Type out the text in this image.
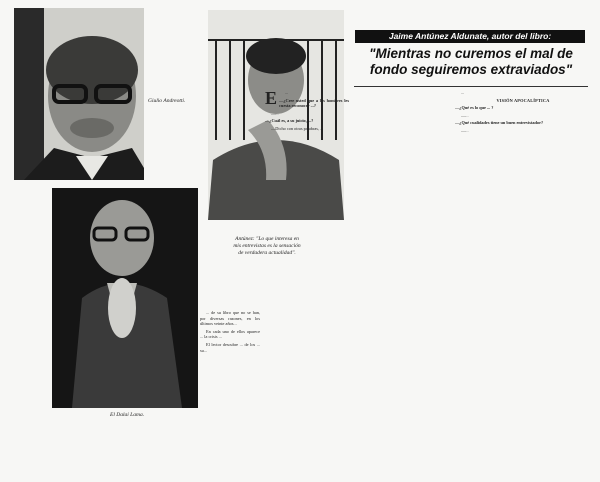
Giulio Andreotti.
El Dalai Lama.
Antúnez: "Lo que interesa en mis entrevistas es la sensación de verdadera actualidad".
Jaime Antúnez Aldunate, autor del libro:
"Mientras no curemos el mal de fondo seguiremos extraviados"

... de su libro que no se han, por diversas razones, en los últimos veinte años...

En cada uno de ellos aparece ... la crisis ...

El lector descubre ... de los ... su...

E	...

—¿Cree usted que a los hombres les cuesta reconocer ...?

—...

—¿Cuál es, a su juicio, ...?

—Dicho con otras palabras, ...

...

VISIÓN APOCALÍPTICA

—¿Qué es lo que ... ?

—...

—¿Qué cualidades tiene un buen entrevistador?

—...
